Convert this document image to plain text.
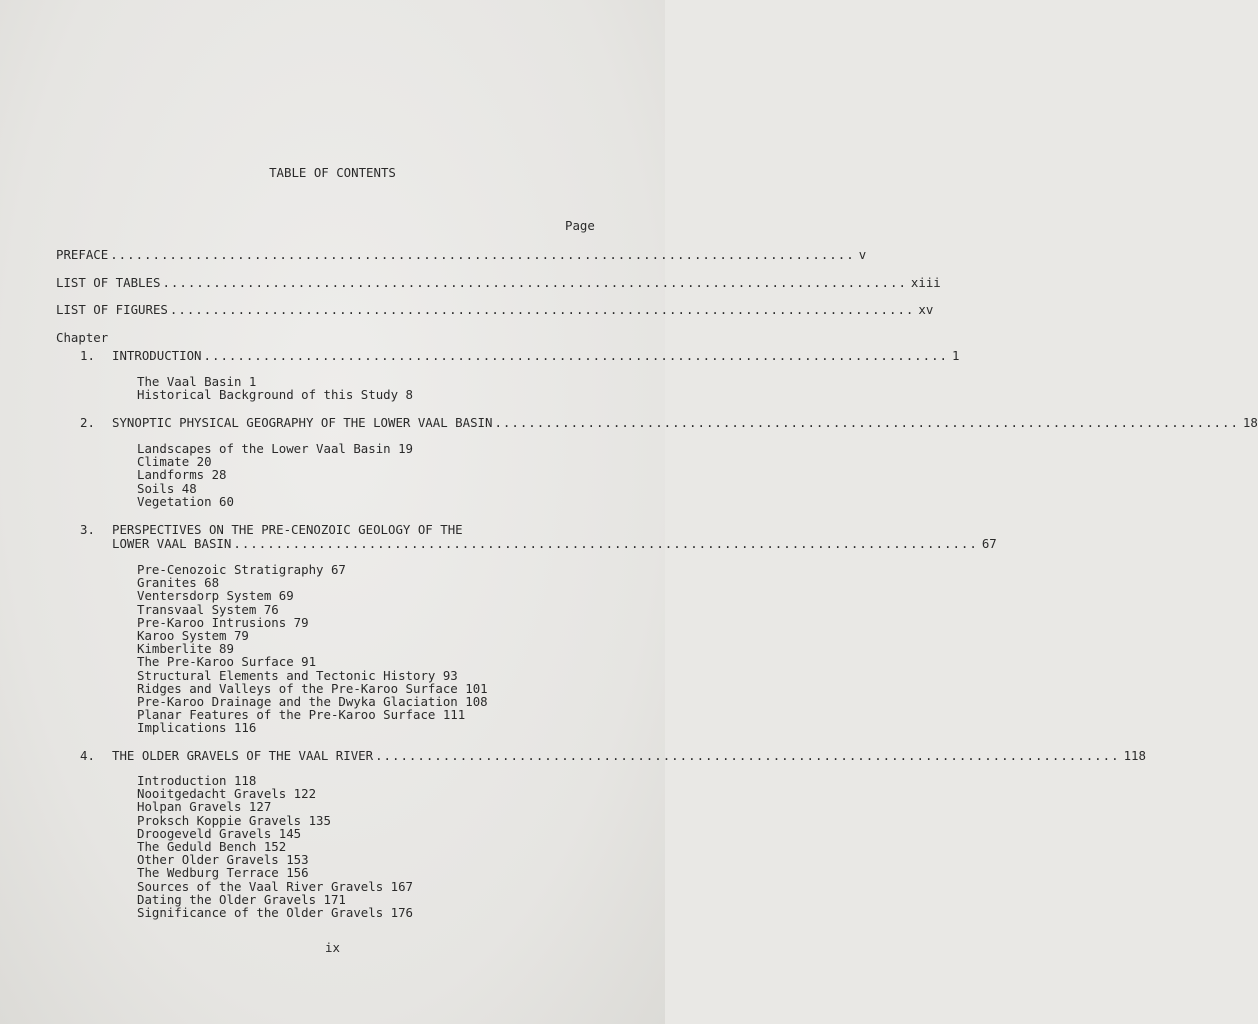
TABLE OF CONTENTS
Page
PREFACE ........................................................................................ v
LIST OF TABLES ........................................................................................ xiii
LIST OF FIGURES ........................................................................................ xv
Chapter
1.	INTRODUCTION ........................................................................................ 1
The Vaal Basin 1
Historical Background of this Study 8
2.	SYNOPTIC PHYSICAL GEOGRAPHY OF THE LOWER VAAL BASIN ........................................................................................ 18
Landscapes of the Lower Vaal Basin 19
Climate 20
Landforms 28
Soils 48
Vegetation 60
3.	PERSPECTIVES ON THE PRE-CENOZOIC GEOLOGY OF THE
LOWER VAAL BASIN ........................................................................................ 67
Pre-Cenozoic Stratigraphy 67
Granites 68
Ventersdorp System 69
Transvaal System 76
Pre-Karoo Intrusions 79
Karoo System 79
Kimberlite 89
The Pre-Karoo Surface 91
Structural Elements and Tectonic History 93
Ridges and Valleys of the Pre-Karoo Surface 101
Pre-Karoo Drainage and the Dwyka Glaciation 108
Planar Features of the Pre-Karoo Surface 111
Implications 116
4.	THE OLDER GRAVELS OF THE VAAL RIVER ........................................................................................ 118
Introduction 118
Nooitgedacht Gravels 122
Holpan Gravels 127
Proksch Koppie Gravels 135
Droogeveld Gravels 145
The Geduld Bench 152
Other Older Gravels 153
The Wedburg Terrace 156
Sources of the Vaal River Gravels 167
Dating the Older Gravels 171
Significance of the Older Gravels 176
ix
